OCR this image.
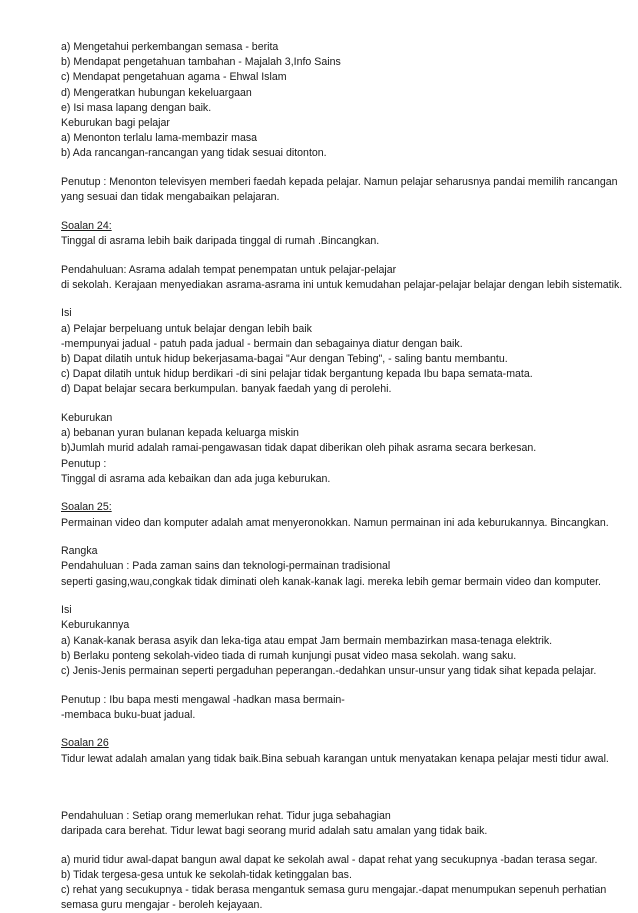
a) Mengetahui perkembangan semasa - berita
b) Mendapat pengetahuan tambahan - Majalah 3,Info Sains
c) Mendapat pengetahuan agama - Ehwal Islam
d) Mengeratkan hubungan kekeluargaan
e) Isi masa lapang dengan baik.
Keburukan bagi pelajar
a) Menonton terlalu lama-membazir masa
b) Ada rancangan-rancangan yang tidak sesuai ditonton.
Penutup : Menonton televisyen memberi faedah kepada pelajar. Namun pelajar seharusnya pandai memilih rancangan
yang sesuai dan tidak mengabaikan pelajaran.
Soalan 24:
Tinggal di asrama lebih baik daripada tinggal di rumah .Bincangkan.
Pendahuluan: Asrama adalah tempat penempatan untuk pelajar-pelajar
di sekolah. Kerajaan menyediakan asrama-asrama ini untuk kemudahan pelajar-pelajar belajar dengan lebih sistematik.
Isi
a) Pelajar berpeluang untuk belajar dengan lebih baik
-mempunyai jadual - patuh pada jadual - bermain dan sebagainya diatur dengan baik.
b) Dapat dilatih untuk hidup bekerjasama-bagai "Aur dengan Tebing", - saling bantu membantu.
c) Dapat dilatih untuk hidup berdikari -di sini pelajar tidak bergantung kepada Ibu bapa semata-mata.
d) Dapat belajar secara berkumpulan. banyak faedah yang di perolehi.
Keburukan
a) bebanan yuran bulanan kepada keluarga miskin
b)Jumlah murid adalah ramai-pengawasan tidak dapat diberikan oleh pihak asrama secara berkesan.
Penutup :
Tinggal di asrama ada kebaikan dan ada juga keburukan.
Soalan 25:
Permainan video dan komputer adalah amat menyeronokkan. Namun permainan ini ada keburukannya. Bincangkan.
Rangka
Pendahuluan : Pada zaman sains dan teknologi-permainan tradisional
seperti gasing,wau,congkak tidak diminati oleh kanak-kanak lagi. mereka lebih gemar bermain video dan komputer.
Isi
Keburukannya
a) Kanak-kanak berasa asyik dan leka-tiga atau empat Jam bermain membazirkan masa-tenaga elektrik.
b) Berlaku ponteng sekolah-video tiada di rumah kunjungi pusat video masa sekolah. wang saku.
c) Jenis-Jenis permainan seperti pergaduhan peperangan.-dedahkan unsur-unsur yang tidak sihat kepada pelajar.
Penutup : Ibu bapa mesti mengawal -hadkan masa bermain-
-membaca buku-buat jadual.
Soalan 26
Tidur lewat adalah amalan yang tidak baik.Bina sebuah karangan untuk menyatakan kenapa pelajar mesti tidur awal.

Pendahuluan : Setiap orang memerlukan rehat. Tidur juga sebahagian
daripada cara berehat. Tidur lewat bagi seorang murid adalah satu amalan yang tidak baik.
a) murid tidur awal-dapat bangun awal dapat ke sekolah awal - dapat rehat yang secukupnya -badan terasa segar.
b) Tidak tergesa-gesa untuk ke sekolah-tidak ketinggalan bas.
c) rehat yang secukupnya - tidak berasa mengantuk semasa guru mengajar.-dapat menumpukan sepenuh perhatian
semasa guru mengajar - beroleh kejayaan.
